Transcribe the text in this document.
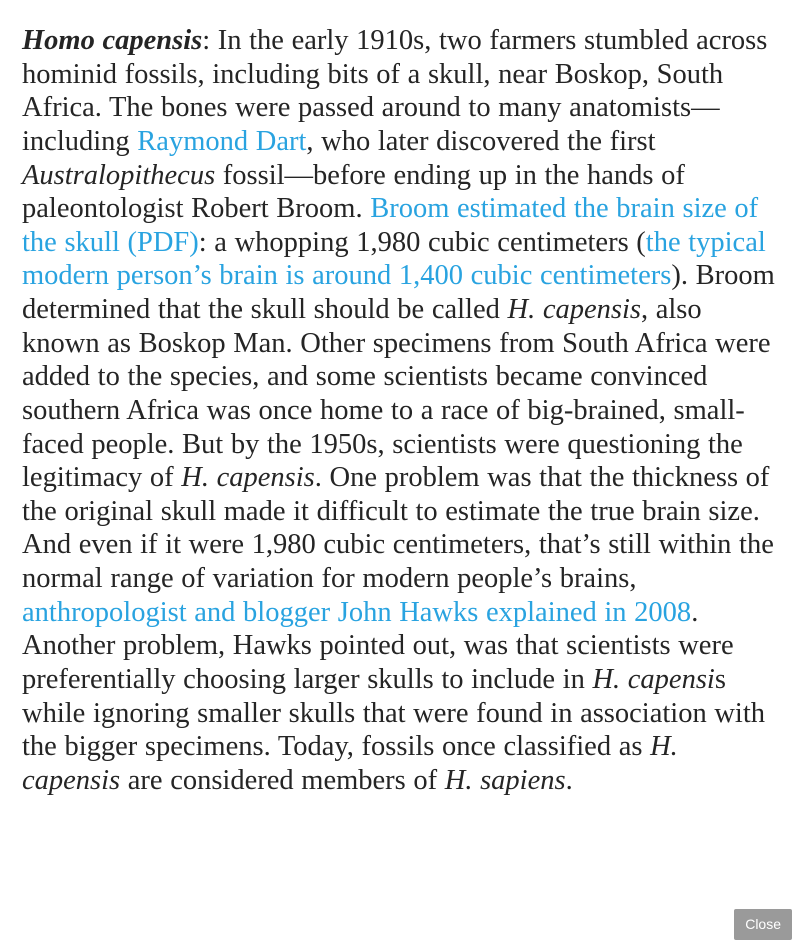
Homo capensis: In the early 1910s, two farmers stumbled across hominid fossils, including bits of a skull, near Boskop, South Africa. The bones were passed around to many anatomists—including Raymond Dart, who later discovered the first Australopithecus fossil—before ending up in the hands of paleontologist Robert Broom. Broom estimated the brain size of the skull (PDF): a whopping 1,980 cubic centimeters (the typical modern person’s brain is around 1,400 cubic centimeters). Broom determined that the skull should be called H. capensis, also known as Boskop Man. Other specimens from South Africa were added to the species, and some scientists became convinced southern Africa was once home to a race of big-brained, small-faced people. But by the 1950s, scientists were questioning the legitimacy of H. capensis. One problem was that the thickness of the original skull made it difficult to estimate the true brain size. And even if it were 1,980 cubic centimeters, that’s still within the normal range of variation for modern people’s brains, anthropologist and blogger John Hawks explained in 2008. Another problem, Hawks pointed out, was that scientists were preferentially choosing larger skulls to include in H. capensis while ignoring smaller skulls that were found in association with the bigger specimens. Today, fossils once classified as H. capensis are considered members of H. sapiens.

Close
